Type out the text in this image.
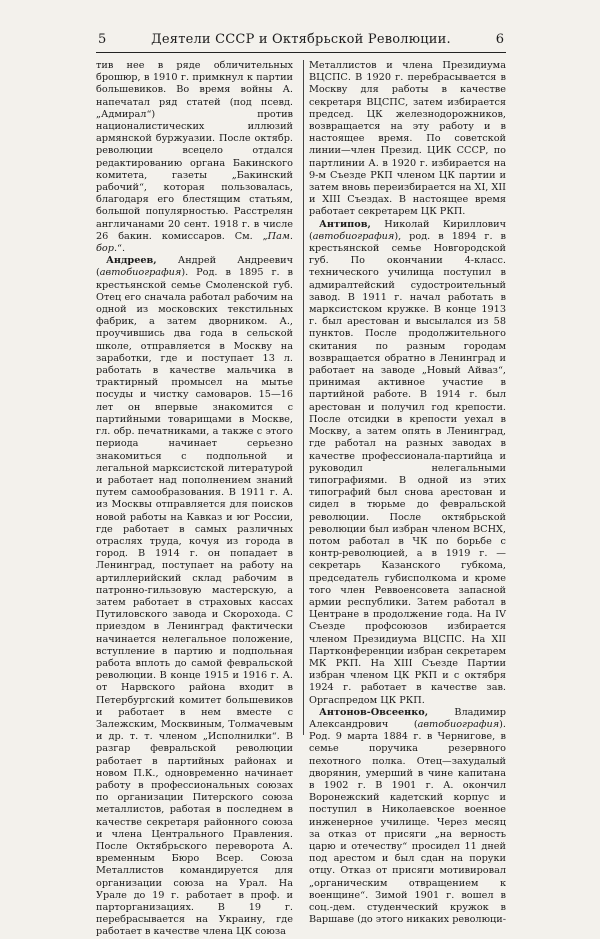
5	Деятели СССР и Октябрьской Революции.	6

тив нее в ряде обличительных брошюр, в 1910 г. примкнул к партии большевиков. Во время войны А. напечатал ряд статей (под псевд. „Адмирал“) против националистических иллюзий армянской буржуазии. После октябр. революции всецело отдался редактированию органа Бакинского комитета, газеты „Бакинский рабочий“, которая пользовалась, благодаря его блестящим статьям, большой популярностью. Расстрелян англичанами 20 сент. 1918 г. в числе 26 бакин. комиссаров. См. „Пам. бор.“.

Андреев, Андрей Андреевич (автобиография). Род. в 1895 г. в крестьянской семье Смоленской губ. Отец его сначала работал рабочим на одной из московских текстильных фабрик, а затем дворником. А., проучившись два года в сельской школе, отправляется в Москву на заработки, где и поступает 13 л. работать в качестве мальчика в трактирный промысел на мытье посуды и чистку самоваров. 15—16 лет он впервые знакомится с партийными товарищами в Москве, гл. обр. печатниками, а также с этого периода начинает серьезно знакомиться с подпольной и легальной марксистской литературой и работает над пополнением знаний путем самообразования. В 1911 г. А. из Москвы отправляется для поисков новой работы на Кавказ и юг России, где работает в самых различных отраслях труда, кочуя из города в город. В 1914 г. он попадает в Ленинград, поступает на работу на артиллерийский склад рабочим в патронно-гильзовую мастерскую, а затем работает в страховых кассах Путиловского завода и Скороходa. С приездом в Ленинград фактически начинается нелегальное положение, вступление в партию и подпольная работа вплоть до самой февральской революции. В конце 1915 и 1916 г. А. от Нарвского района входит в Петербургский комитет большевиков и работает в нем вместе с Залежским, Москвиным, Толмачевым и др. т. т. членом „Исполнилки“. В разгар февральской революции работает в партийных районах и новом П.К., одновременно начинает работу в профессиональных союзах по организации Питерского союза металлистов, работая в последнем в качестве секретаря районного союза и члена Центрального Правления. После Октябрьского переворота А. временным Бюро Всер. Союза Металлистов командируется для организации союза на Урал. На Урале до 19 г. работает в проф. и парторганизациях. В 19 г. перебрасывается на Украину, где работает в качестве члена ЦК союза

Металлистов и члена Президиума ВЦСПС. В 1920 г. перебрасывается в Москву для работы в качестве секретаря ВЦСПС, затем избирается председ. ЦК железнодорожников, возвращается на эту работу и в настоящее время. По советской линии—член Презид. ЦИК СССР, по партлинии А. в 1920 г. избирается на 9-м Съезде РКП членом ЦК партии и затем вновь переизбирается на XI, XII и XIII Съездах. В настоящее время работает секретарем ЦК РКП.

Антипов, Николай Кириллович (автобиография), род. в 1894 г. в крестьянской семье Новгородской губ. По окончании 4-класс. технического училища поступил в адмиралтейский судостроительный завод. В 1911 г. начал работать в марксистском кружке. В конце 1913 г. был арестован и высылался из 58 пунктов. После продолжительного скитания по разным городам возвращается обратно в Ленинград и работает на заводе „Новый Айваз“, принимая активное участие в партийной работе. В 1914 г. был арестован и получил год крепости. После отсидки в крепости уехал в Москву, а затем опять в Ленинград, где работал на разных заводах в качестве профессионала-партийца и руководил нелегальными типографиями. В одной из этих типографий был снова арестован и сидел в тюрьме до февральской революции. После октябрьской революции был избран членом ВСНХ, потом работал в ЧК по борьбе с контр-революцией, а в 1919 г. — секретарь Казанского губкома, председатель губисполкома и кроме того член Реввоенсовета запасной армии республики. Затем работал в Центране в продолжение года. На IV Съезде профсоюзов избирается членом Президиума ВЦСПС. На XII Партконференции избран секретарем МК РКП. На XIII Съезде Партии избран членом ЦК РКП и с октября 1924 г. работает в качестве зав. Оргаспредом ЦК РКП.

Антонов-Овсеенко, Владимир Александрович (автобиография). Род. 9 марта 1884 г. в Чернигове, в семье поручика резервного пехотного полка. Отец—захудалый дворянин, умерший в чине капитана в 1902 г. В 1901 г. А. окончил Воронежский кадетский корпус и поступил в Николаевское военное инженерное училище. Через месяц за отказ от присяги „на верность царю и отечеству“ просидел 11 дней под арестом и был сдан на поруки отцу. Отказ от присяги мотивировал „органическим отвращением к военщине“. Зимой 1901 г. вошел в соц.-дем. студенческий кружок в Варшаве (до этого никаких революци-
